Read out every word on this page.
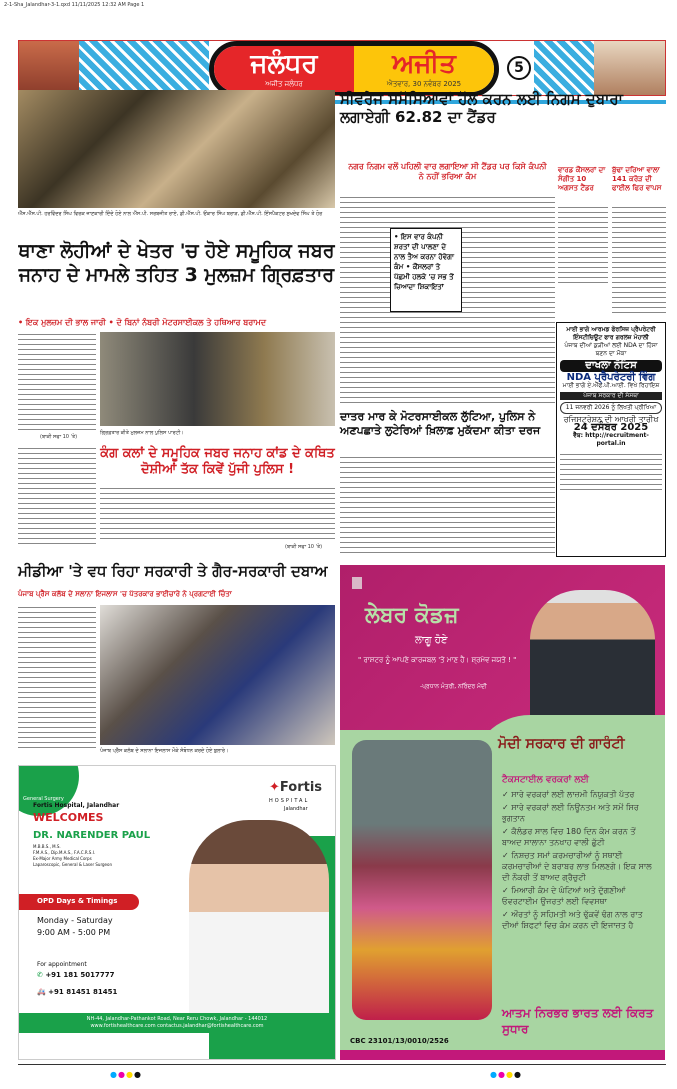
2-1-Sha_Jalandhar-3-1.qxd 11/11/2025 12:32 AM Page 1
ਜਲੰਧਰ
ਅਜੀਤ ਜਲੰਧਰ
ਅਜੀਤ
ਐਤਵਾਰ, 30 ਨਵੰਬਰ 2025
5
ਐੱਸ.ਐੱਸ.ਪੀ. ਹਰਵਿੰਦਰ ਸਿੰਘ ਵਿਰਕ ਜਾਣਕਾਰੀ ਦਿੰਦੇ ਹੋਏ ਨਾਲ ਐੱਸ.ਪੀ. ਸਰਬਜੀਤ ਰਾਏ, ਡੀ.ਐੱਸ.ਪੀ. ਓਂਕਾਰ ਸਿੰਘ ਬਰਾੜ, ਡੀ.ਐੱਸ.ਪੀ. ਇੰਸਪੈਕਟਰ ਸੁਖਦੇਵ ਸਿੰਘ ਤੇ ਹੋਰ
ਥਾਣਾ ਲੋਹੀਆਂ ਦੇ ਖੇਤਰ 'ਚ ਹੋਏ ਸਮੂਹਿਕ ਜਬਰ ਜਨਾਹ ਦੇ ਮਾਮਲੇ ਤਹਿਤ 3 ਮੁਲਜ਼ਮ ਗ੍ਰਿਫ਼ਤਾਰ
• ਇਕ ਮੁਲਜ਼ਮ ਦੀ ਭਾਲ ਜਾਰੀ • ਦੋ ਬਿਨਾਂ ਨੰਬਰੀ ਮੋਟਰਸਾਈਕਲ ਤੇ ਹਥਿਆਰ ਬਰਾਮਦ
(ਬਾਕੀ ਸਫਾ 10 'ਤੇ)
ਗ੍ਰਿਫ਼ਤਾਰ ਕੀਤੇ ਮੁਲਜ਼ਮ ਨਾਲ ਪੁਲਿਸ ਪਾਰਟੀ।
ਕੰਗ ਕਲਾਂ ਦੇ ਸਮੂਹਿਕ ਜਬਰ ਜਨਾਹ ਕਾਂਡ ਦੇ ਕਥਿਤ ਦੋਸ਼ੀਆਂ ਤੱਕ ਕਿਵੇਂ ਪੁੱਜੀ ਪੁਲਿਸ !
(ਬਾਕੀ ਸਫਾ 10 'ਤੇ)
ਸੀਵਰੇਜ ਸਮੱਸਿਆਵਾਂ ਹੱਲ ਕਰਨ ਲਈ ਨਿਗਮ ਦੁਬਾਰਾ ਲਗਾਏਗੀ 62.82 ਦਾ ਟੈਂਡਰ
ਨਗਰ ਨਿਗਮ ਵਲੋਂ ਪਹਿਲੀ ਵਾਰ ਲਗਾਇਆ ਸੀ ਟੈਂਡਰ ਪਰ ਕਿਸੇ ਕੰਪਨੀ ਨੇ ਨਹੀਂ ਭਰਿਆ ਕੰਮ
• ਇਸ ਵਾਰ ਕੰਪਨੀ ਸ਼ਰਤਾਂ ਦੀ ਪਾਲਣਾ ਦੇ ਨਾਲ ਤੈਅ ਕਰਨਾ ਹੋਵੇਗਾ ਕੰਮ • ਕੌਂਸਲਰਾਂ ਤੇ ਪੱਛਮੀ ਹਲਕੇ 'ਚ ਸਭ ਤੋਂ ਜ਼ਿਆਦਾ ਸ਼ਿਕਾਇਤਾਂ
ਵਾਰਡ ਕੌਂਸਲਰਾਂ ਦਾ ਸੰਗੀਤ 10 ਅਗਸਤ ਟੈਂਡਰ
ਬੁੱਢਾ ਦਰਿਆ ਵਾਲਾ 141 ਕਰੋੜ ਦੀ ਫਾਈਲ ਫਿਰ ਵਾਪਸ
ਮਾਈ ਭਾਗੋ ਆਰਮਡ ਫੋਰਸਿਜ਼ ਪ੍ਰੈਪਰੇਟਰੀ ਇੰਸਟੀਚਿਊਟ ਫਾਰ ਗਰਲਜ਼ ਮੋਹਾਲੀ
ਪੰਜਾਬ ਦੀਆਂ ਕੁੜੀਆਂ ਲਈ NDA ਦਾ ਹਿੱਸਾ ਬਣਨ ਦਾ ਮੌਕਾ
ਦਾਖਲਾ ਨੋਟਿਸ
NDA ਪ੍ਰੈਪਰੇਟਰੀ ਵਿੰਗ
ਮਾਈ ਭਾਗੋ ਏ.ਐੱਫ.ਪੀ.ਆਈ. ਵਿਖੇ ਰਿਹਾਇਸ਼
ਪੰਜਾਬ ਸਰਕਾਰ ਦੀ ਸੰਸਥਾ
11 ਜਨਵਰੀ 2026 ਨੂੰ ਲਿਖਤੀ ਪ੍ਰੀਖਿਆ
ਰਜਿਸਟ੍ਰੇਸ਼ਨ ਦੀ ਆਖਰੀ ਤਾਰੀਖ
24 ਦਸੰਬਰ 2025
ਵੈੱਬ: http://recruitment-portal.in
ਦਾਤਰ ਮਾਰ ਕੇ ਮੋਟਰਸਾਈਕਲ ਲੁੱਟਿਆ, ਪੁਲਿਸ ਨੇ ਅਣਪਛਾਤੇ ਲੁਟੇਰਿਆਂ ਖ਼ਿਲਾਫ਼ ਮੁਕੱਦਮਾ ਕੀਤਾ ਦਰਜ
ਮੀਡੀਆ 'ਤੇ ਵਧ ਰਿਹਾ ਸਰਕਾਰੀ ਤੇ ਗੈਰ-ਸਰਕਾਰੀ ਦਬਾਅ
ਪੰਜਾਬ ਪ੍ਰੈੱਸ ਕਲੱਬ ਦੇ ਸਲਾਨਾ ਇਜਲਾਸ 'ਚ ਪੱਤਰਕਾਰ ਭਾਈਚਾਰੇ ਨੇ ਪ੍ਰਗਟਾਈ ਚਿੰਤਾ
ਪੰਜਾਬ ਪ੍ਰੈੱਸ ਕਲੱਬ ਦੇ ਸਲਾਨਾ ਇਜਲਾਸ ਮੌਕੇ ਸੰਬੋਧਨ ਕਰਦੇ ਹੋਏ ਬੁਲਾਰੇ।
General Surgery
✦Fortis
HOSPITAL
Jalandhar
Fortis Hospital, Jalandhar
WELCOMES
DR. NARENDER PAUL
M.B.B.S., M.S.
F.M.A.S., Dip.M.A.S., F.A.C.R.S.I.
Ex-Major Army Medical Corps
Laparoscopic, General & Laser Surgeon
OPD Days & Timings
Monday - Saturday
9:00 AM - 5:00 PM
For appointment
✆ +91 181 5017777
🚑 +91 81451 81451
NH-44, Jalandhar-Pathankot Road, Near Reru Chowk, Jalandhar - 144012
www.fortishealthcare.com contactus.jalandhar@fortishealthcare.com
ਲੇਬਰ ਕੋਡਜ਼
ਲਾਗੂ ਹੋਏ
" ਰਾਸ਼ਟਰ ਨੂੰ ਆਪਣੇ ਕਾਰਜਬਲ 'ਤੇ ਮਾਣ ਹੈ। ਸ਼੍ਰਮੇਵ ਜਯਤੇ ! "
-ਪ੍ਰਧਾਨ ਮੰਤਰੀ, ਨਰਿੰਦਰ ਮੋਦੀ
ਮੋਦੀ ਸਰਕਾਰ ਦੀ ਗਾਰੰਟੀ
ਟੈਕਸਟਾਈਲ ਵਰਕਰਾਂ ਲਈ
✓ ਸਾਰੇ ਵਰਕਰਾਂ ਲਈ ਲਾਜ਼ਮੀ ਨਿਯੁਕਤੀ ਪੱਤਰ
✓ ਸਾਰੇ ਵਰਕਰਾਂ ਲਈ ਨਿਊਨਤਮ ਅਤੇ ਸਮੇਂ ਸਿਰ ਭੁਗਤਾਨ
✓ ਕੈਲੰਡਰ ਸਾਲ ਵਿਚ 180 ਦਿਨ ਕੰਮ ਕਰਨ ਤੋਂ ਬਾਅਦ ਸਾਲਾਨਾ ਤਨਖਾਹ ਵਾਲੀ ਛੁੱਟੀ
✓ ਨਿਸ਼ਚਤ ਸਮਾਂ ਕਰਮਚਾਰੀਆਂ ਨੂੰ ਸਥਾਈ ਕਰਮਚਾਰੀਆਂ ਦੇ ਬਰਾਬਰ ਲਾਭ ਮਿਲਣਗੇ। ਇਕ ਸਾਲ ਦੀ ਨੌਕਰੀ ਤੋਂ ਬਾਅਦ ਗ੍ਰੈਚੁਟੀ
✓ ਮਿਆਰੀ ਕੰਮ ਦੇ ਘੰਟਿਆਂ ਅਤੇ ਦੁੱਗਣੀਆਂ ਓਵਰਟਾਈਮ ਉਜਰਤਾਂ ਲਈ ਵਿਵਸਥਾ
✓ ਔਰਤਾਂ ਨੂੰ ਸਹਿਮਤੀ ਅਤੇ ਢੁੱਕਵੇਂ ਢੰਗ ਨਾਲ ਰਾਤ ਦੀਆਂ ਸ਼ਿਫਟਾਂ ਵਿਚ ਕੰਮ ਕਰਨ ਦੀ ਇਜਾਜ਼ਤ ਹੈ
ਆਤਮ ਨਿਰਭਰ ਭਾਰਤ ਲਈ ਕਿਰਤ ਸੁਧਾਰ
CBC 23101/13/0010/2526
●●●●	●●●●
